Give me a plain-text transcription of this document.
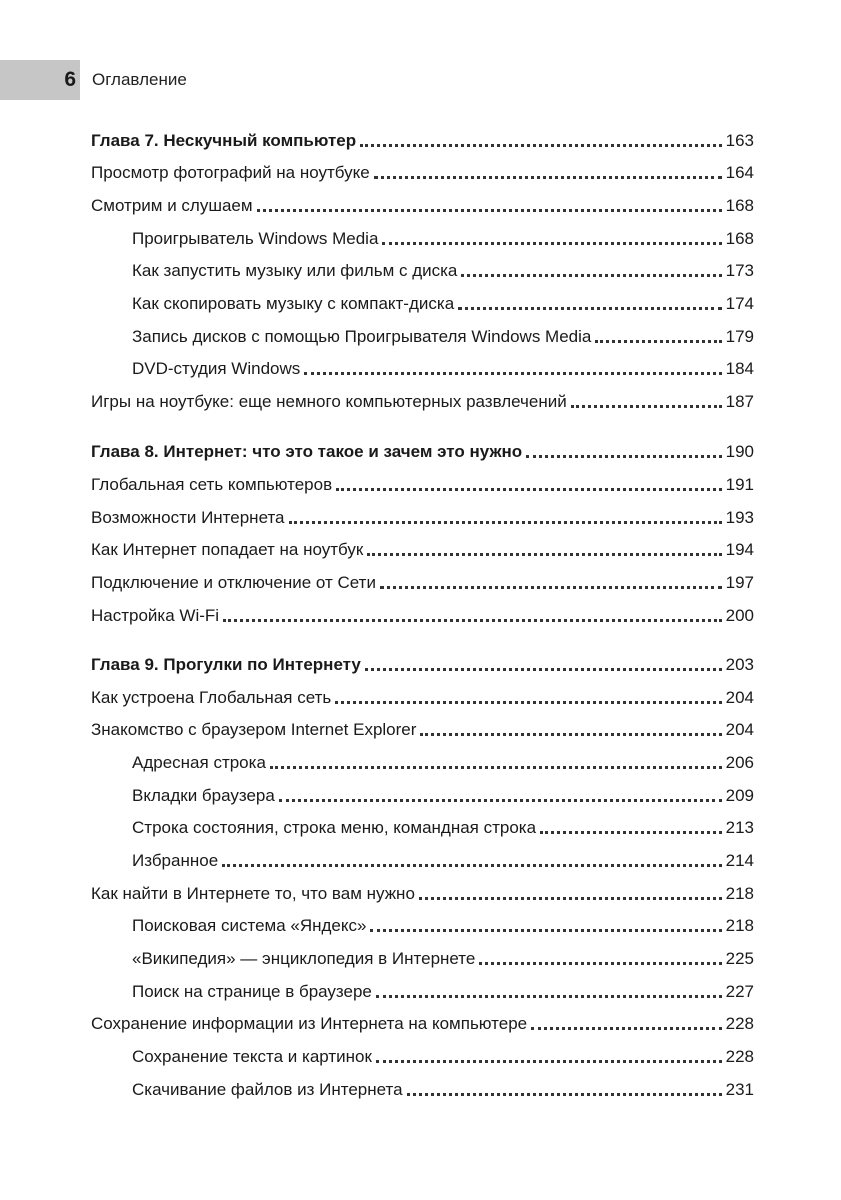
6 Оглавление
Глава 7. Нескучный компьютер	163
Просмотр фотографий на ноутбуке	164
Смотрим и слушаем	168
Проигрыватель Windows Media	168
Как запустить музыку или фильм с диска	173
Как скопировать музыку с компакт-диска	174
Запись дисков с помощью Проигрывателя Windows Media	179
DVD-студия Windows	184
Игры на ноутбуке: еще немного компьютерных развлечений	187
Глава 8. Интернет: что это такое и зачем это нужно	190
Глобальная сеть компьютеров	191
Возможности Интернета	193
Как Интернет попадает на ноутбук	194
Подключение и отключение от Сети	197
Настройка Wi-Fi	200
Глава 9. Прогулки по Интернету	203
Как устроена Глобальная сеть	204
Знакомство с браузером Internet Explorer	204
Адресная строка	206
Вкладки браузера	209
Строка состояния, строка меню, командная строка	213
Избранное	214
Как найти в Интернете то, что вам нужно	218
Поисковая система «Яндекс»	218
«Википедия» — энциклопедия в Интернете	225
Поиск на странице в браузере	227
Сохранение информации из Интернета на компьютере	228
Сохранение текста и картинок	228
Скачивание файлов из Интернета	231
